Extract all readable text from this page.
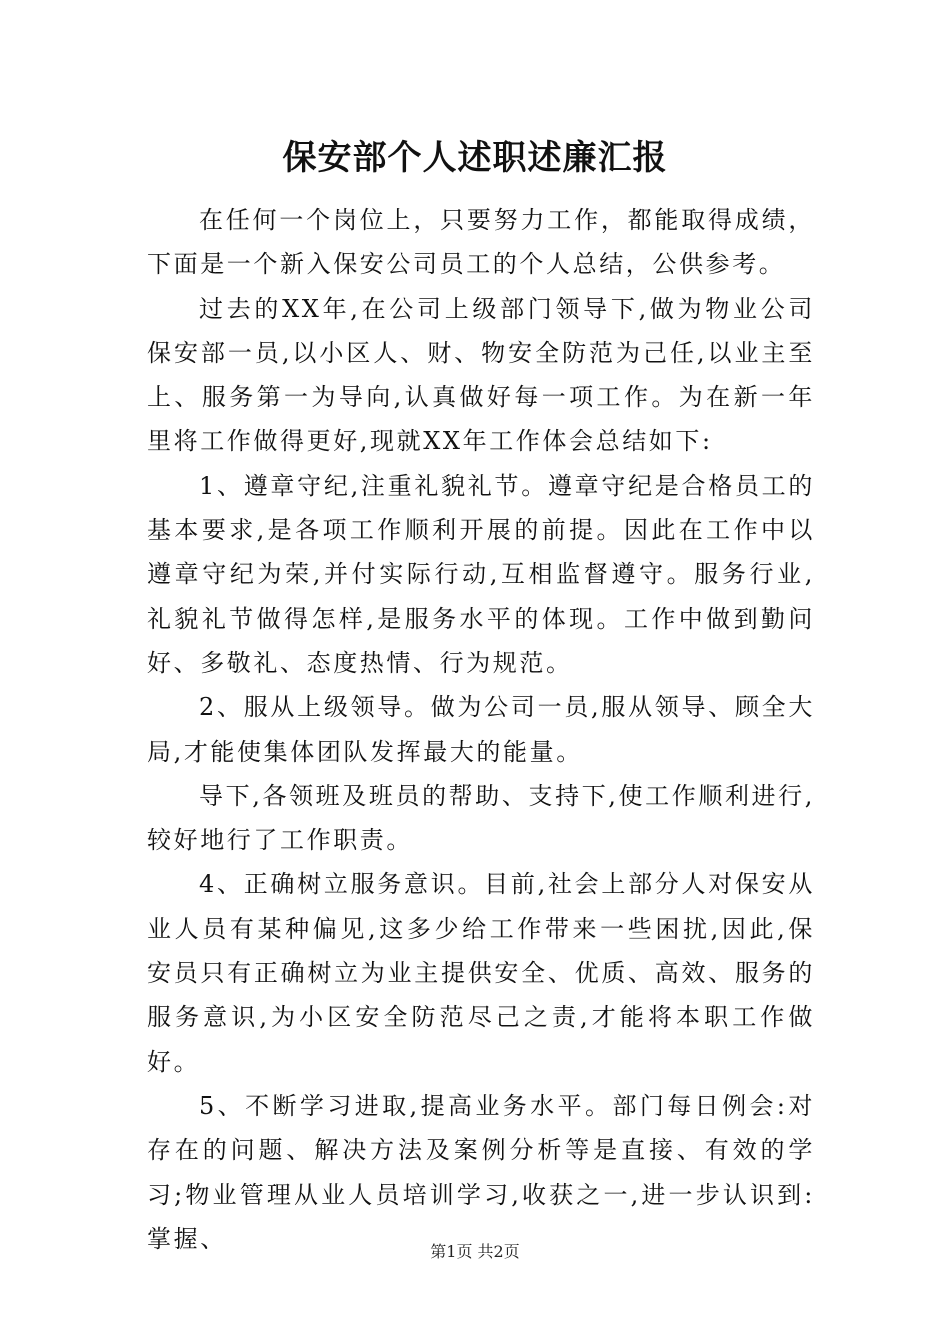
保安部个人述职述廉汇报

在任何一个岗位上，只要努力工作，都能取得成绩，下面是一个新入保安公司员工的个人总结，公供参考。

过去的XX年,在公司上级部门领导下,做为物业公司保安部一员,以小区人、财、物安全防范为己任,以业主至上、服务第一为导向,认真做好每一项工作。为在新一年里将工作做得更好,现就XX年工作体会总结如下:

1、遵章守纪,注重礼貌礼节。遵章守纪是合格员工的基本要求,是各项工作顺利开展的前提。因此在工作中以遵章守纪为荣,并付实际行动,互相监督遵守。服务行业,礼貌礼节做得怎样,是服务水平的体现。工作中做到勤问好、多敬礼、态度热情、行为规范。

2、服从上级领导。做为公司一员,服从领导、顾全大局,才能使集体团队发挥最大的能量。

导下,各领班及班员的帮助、支持下,使工作顺利进行,较好地行了工作职责。

4、正确树立服务意识。目前,社会上部分人对保安从业人员有某种偏见,这多少给工作带来一些困扰,因此,保安员只有正确树立为业主提供安全、优质、高效、服务的服务意识,为小区安全防范尽己之责,才能将本职工作做好。

5、不断学习进取,提高业务水平。部门每日例会:对存在的问题、解决方法及案例分析等是直接、有效的学习;物业管理从业人员培训学习,收获之一,进一步认识到:掌握、	第1页 共2页
